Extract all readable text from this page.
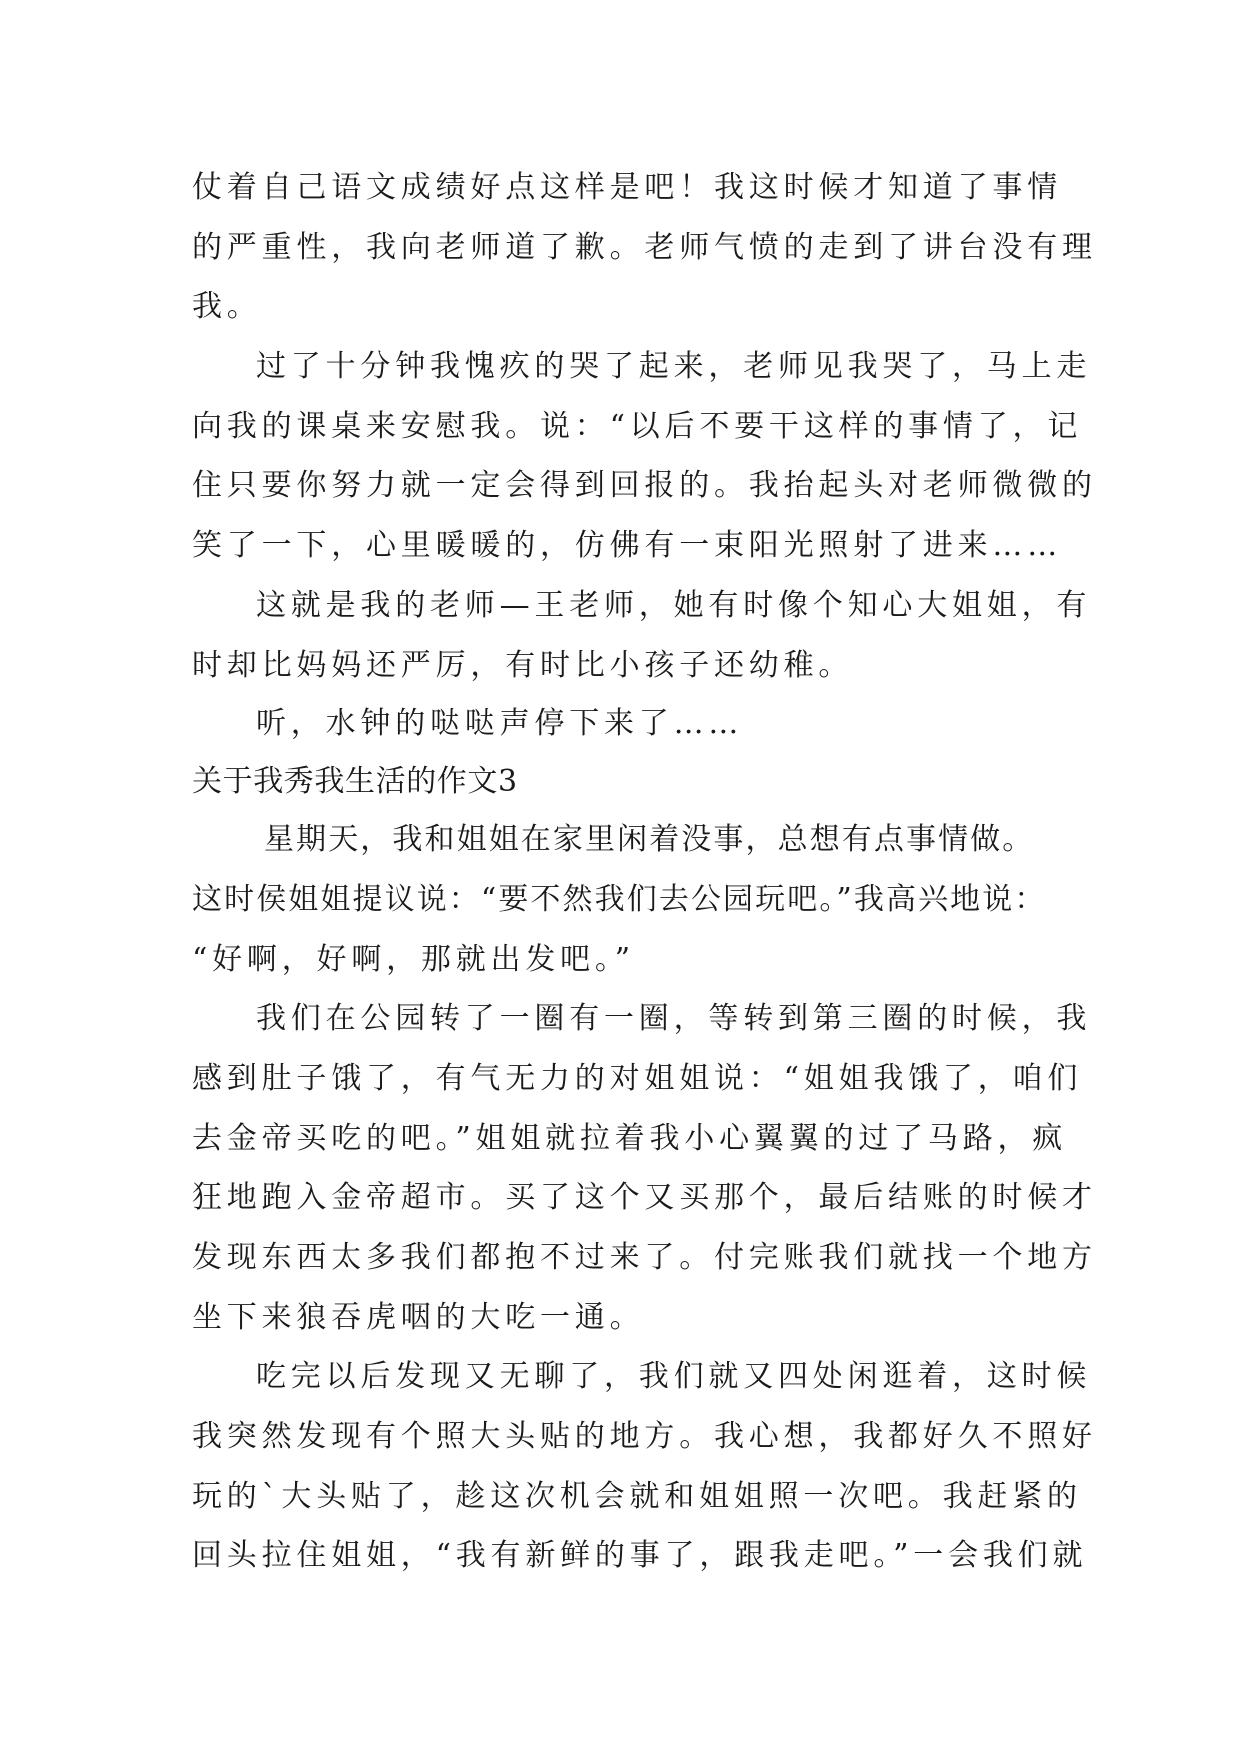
仗着自己语文成绩好点这样是吧！我这时候才知道了事情

的严重性，我向老师道了歉。老师气愤的走到了讲台没有理

我。

过了十分钟我愧疚的哭了起来，老师见我哭了，马上走

向我的课桌来安慰我。说：“以后不要干这样的事情了，记

住只要你努力就一定会得到回报的。我抬起头对老师微微的

笑了一下，心里暖暖的，仿佛有一束阳光照射了进来……

这就是我的老师—王老师，她有时像个知心大姐姐，有

时却比妈妈还严厉，有时比小孩子还幼稚。

听，水钟的哒哒声停下来了……

关于我秀我生活的作文3

星期天，我和姐姐在家里闲着没事，总想有点事情做。

这时侯姐姐提议说：“要不然我们去公园玩吧。”我高兴地说：

“好啊，好啊，那就出发吧。”

我们在公园转了一圈有一圈，等转到第三圈的时候，我

感到肚子饿了，有气无力的对姐姐说：“姐姐我饿了，咱们

去金帝买吃的吧。”姐姐就拉着我小心翼翼的过了马路，疯

狂地跑入金帝超市。买了这个又买那个，最后结账的时候才

发现东西太多我们都抱不过来了。付完账我们就找一个地方

坐下来狼吞虎咽的大吃一通。

吃完以后发现又无聊了，我们就又四处闲逛着，这时候

我突然发现有个照大头贴的地方。我心想，我都好久不照好

玩的`大头贴了，趁这次机会就和姐姐照一次吧。我赶紧的

回头拉住姐姐，“我有新鲜的事了，跟我走吧。”一会我们就
